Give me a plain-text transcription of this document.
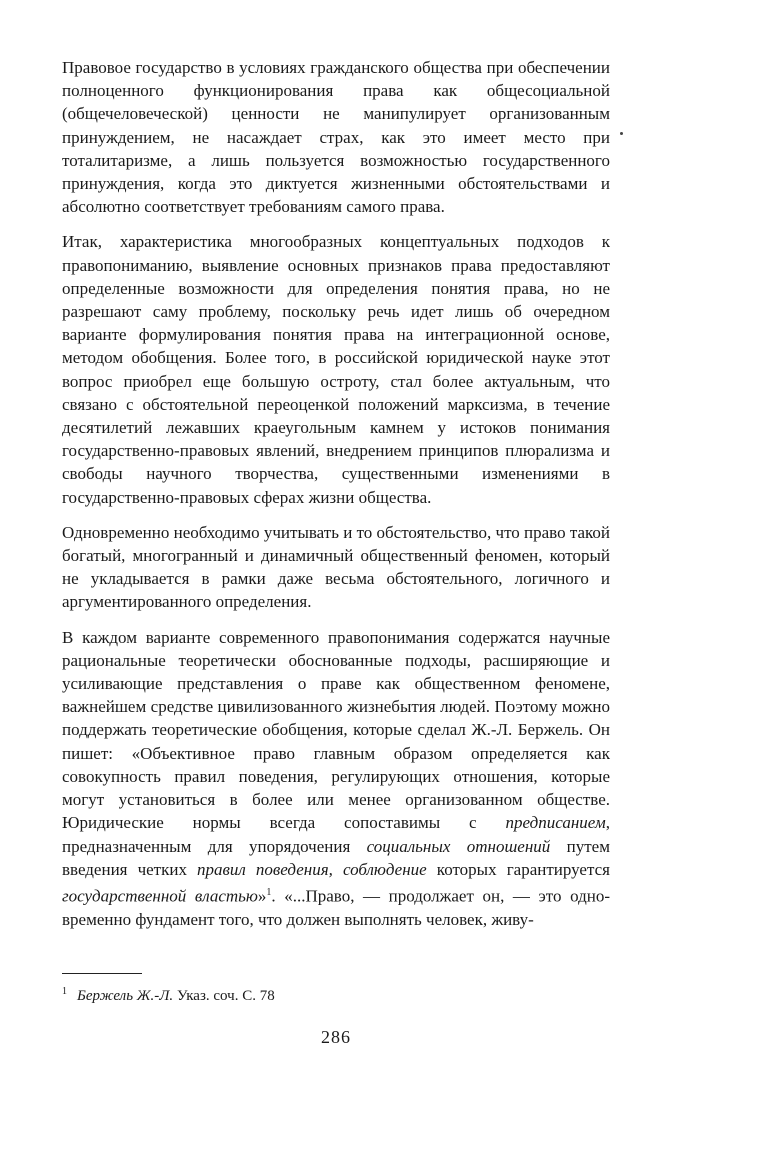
Правовое государство в условиях гражданского общества при обеспечении полноценного функционирования права как общесоциальной (общечеловеческой) ценности не манипулирует организованным принуждением, не насаждает страх, как это имеет место при тоталитаризме, а лишь пользуется возможностью государственного принуждения, когда это диктуется жизненными обстоятельствами и абсолютно соответствует требованиям самого права.

Итак, характеристика многообразных концептуальных подходов к правопониманию, выявление основных признаков права предоставляют определенные возможности для определения понятия права, но не разрешают саму проблему, поскольку речь идет лишь об очередном варианте формулирования понятия права на интеграционной основе, методом обобщения. Более того, в российской юридической науке этот вопрос приобрел еще большую остроту, стал более актуальным, что связано с обстоятельной переоценкой положений марксизма, в течение десятилетий лежавших краеугольным камнем у истоков понимания государственно-правовых явлений, внедрением принципов плюрализма и свободы научного творчества, существенными изменениями в государственно-правовых сферах жизни общества.

Одновременно необходимо учитывать и то обстоятельство, что право такой богатый, многогранный и динамичный общественный феномен, который не укладывается в рамки даже весьма обстоятельного, логичного и аргументированного определения.

В каждом варианте современного правопонимания содержатся научные рациональные теоретически обоснованные подходы, расширяющие и усиливающие представления о праве как общественном феномене, важнейшем средстве цивилизованного жизнебытия людей. Поэтому можно поддержать теоретические обобщения, которые сделал Ж.-Л. Бержель. Он пишет: «Объективное право главным образом определяется как совокупность правил поведения, регулирующих отношения, которые могут установиться в более или менее организованном обществе. Юридические нормы всегда сопоставимы с предписанием, предназначенным для упорядочения социальных отношений путем введения четких правил поведения, соблюдение которых гарантируется государственной властью»$^1$. «...Право, — продолжает он, — это одновременно фундамент того, что должен выполнять человек, живу-

$^1$ Бержель Ж.-Л. Указ. соч. С. 78
286
